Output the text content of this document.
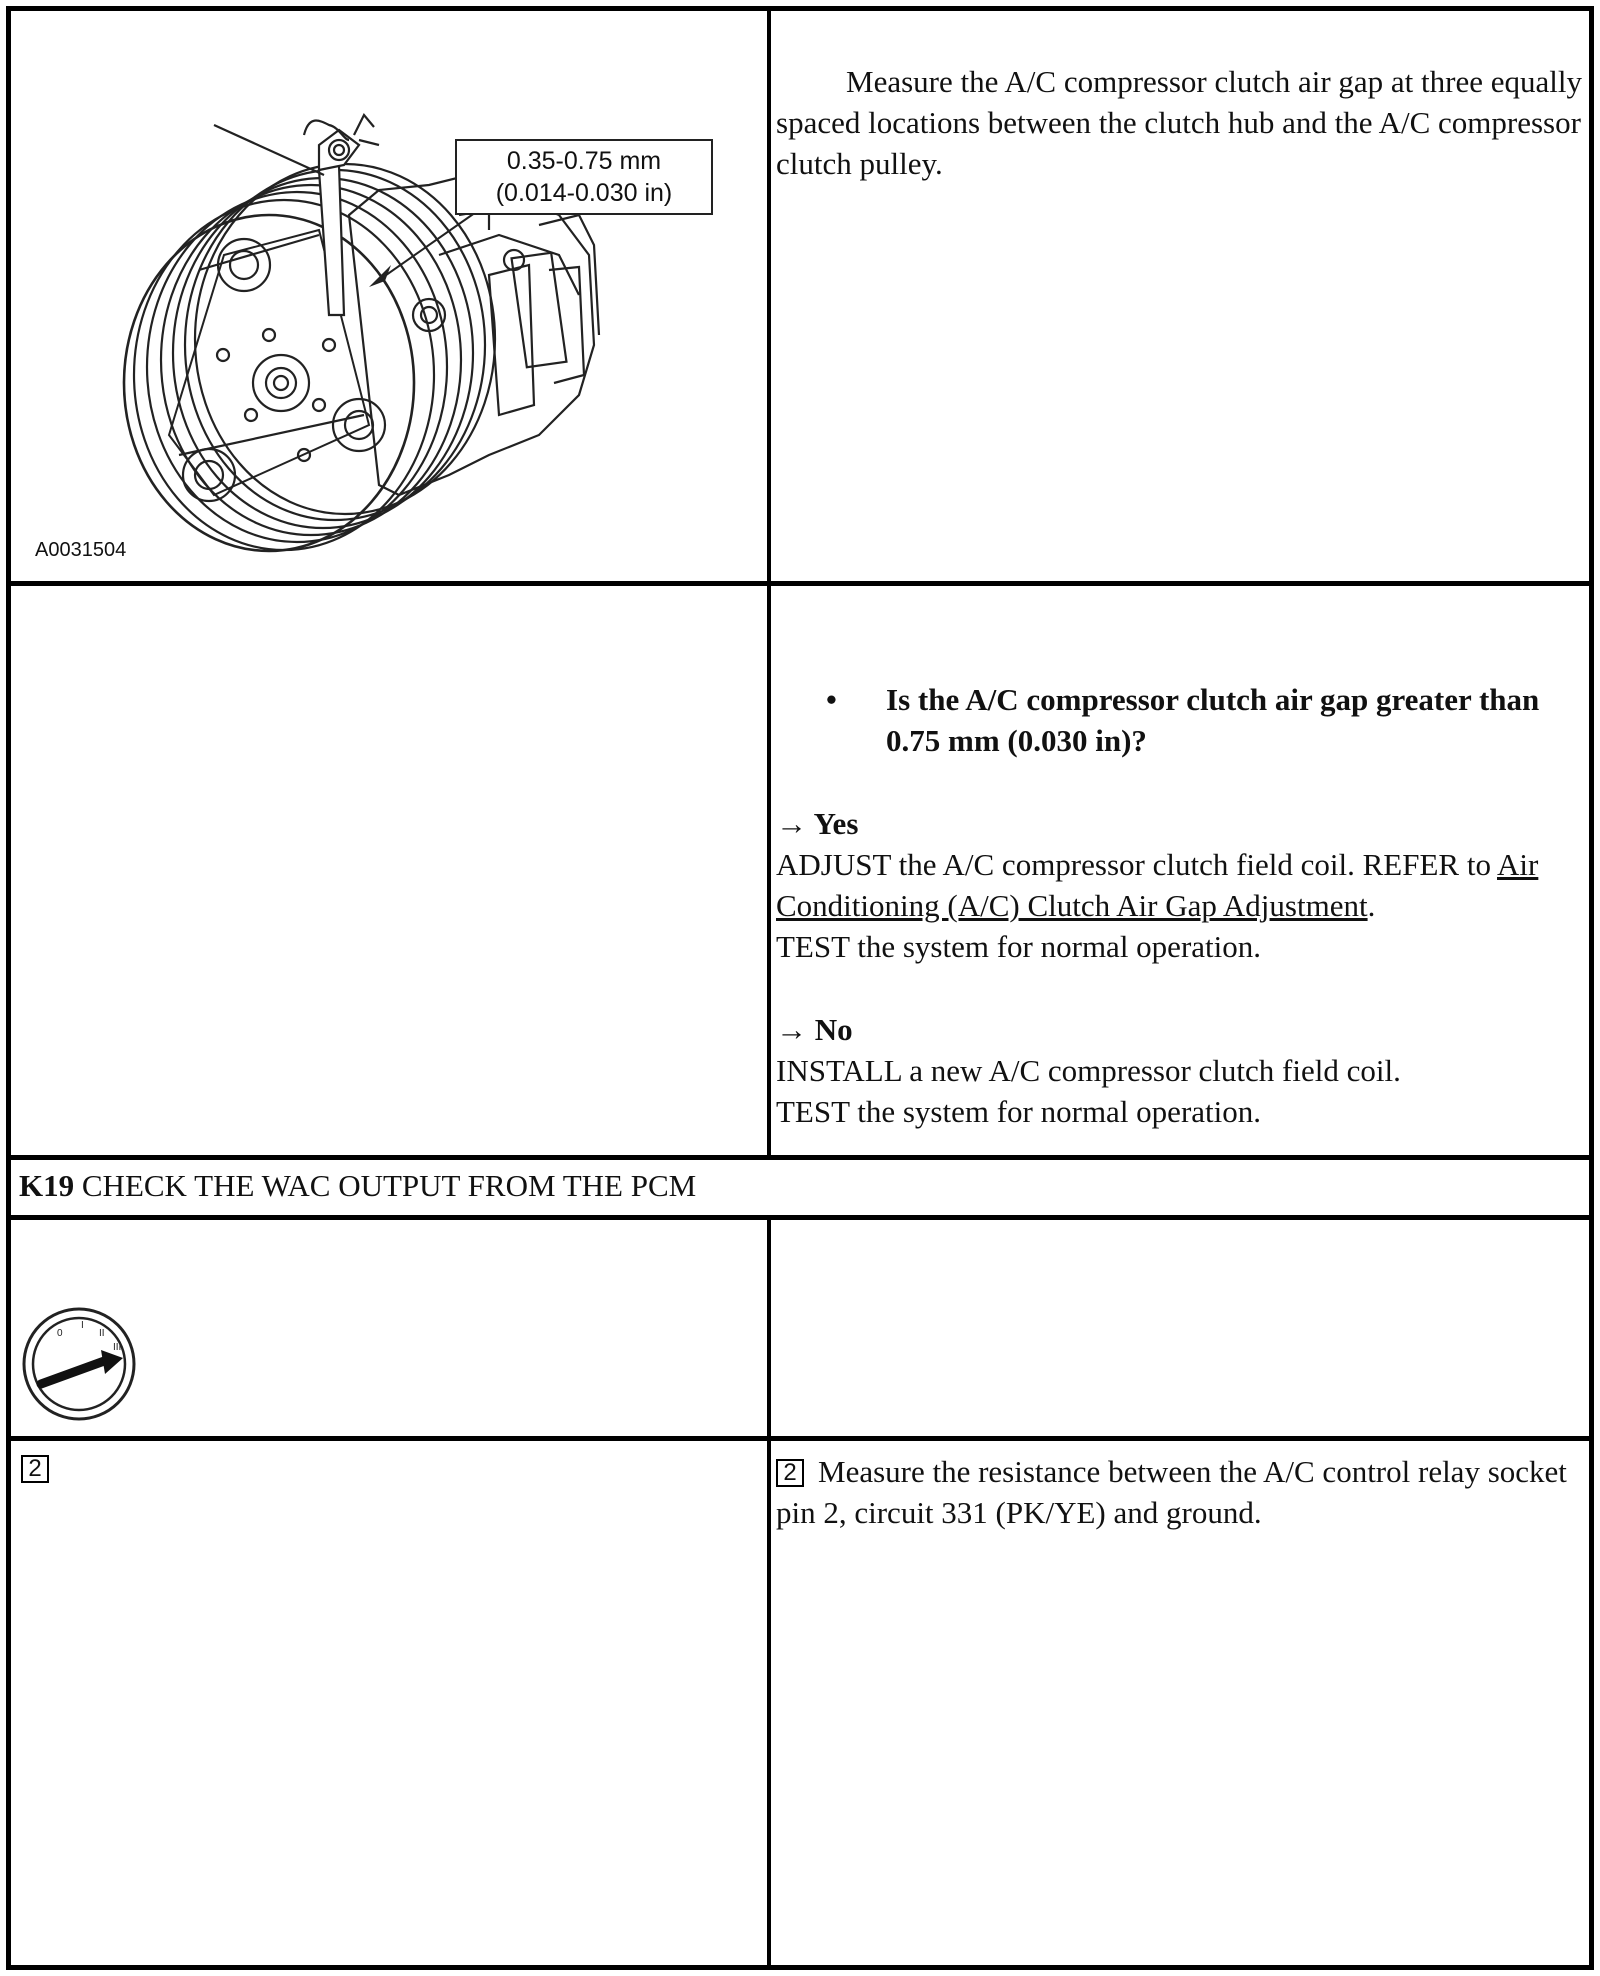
0.35-0.75 mm
(0.014-0.030 in)
A0031504
Measure the A/C compressor clutch air gap at three equally spaced locations between the clutch hub and the A/C compressor clutch pulley.
• Is the A/C compressor clutch air gap greater than 0.75 mm (0.030 in)?
→ Yes
ADJUST the A/C compressor clutch field coil. REFER to Air Conditioning (A/C) Clutch Air Gap Adjustment.
TEST the system for normal operation.
→ No
INSTALL a new A/C compressor clutch field coil.
TEST the system for normal operation.
K19 CHECK THE WAC OUTPUT FROM THE PCM
0
I
II
III
2	2 Measure the resistance between the A/C control relay socket pin 2, circuit 331 (PK/YE) and ground.
